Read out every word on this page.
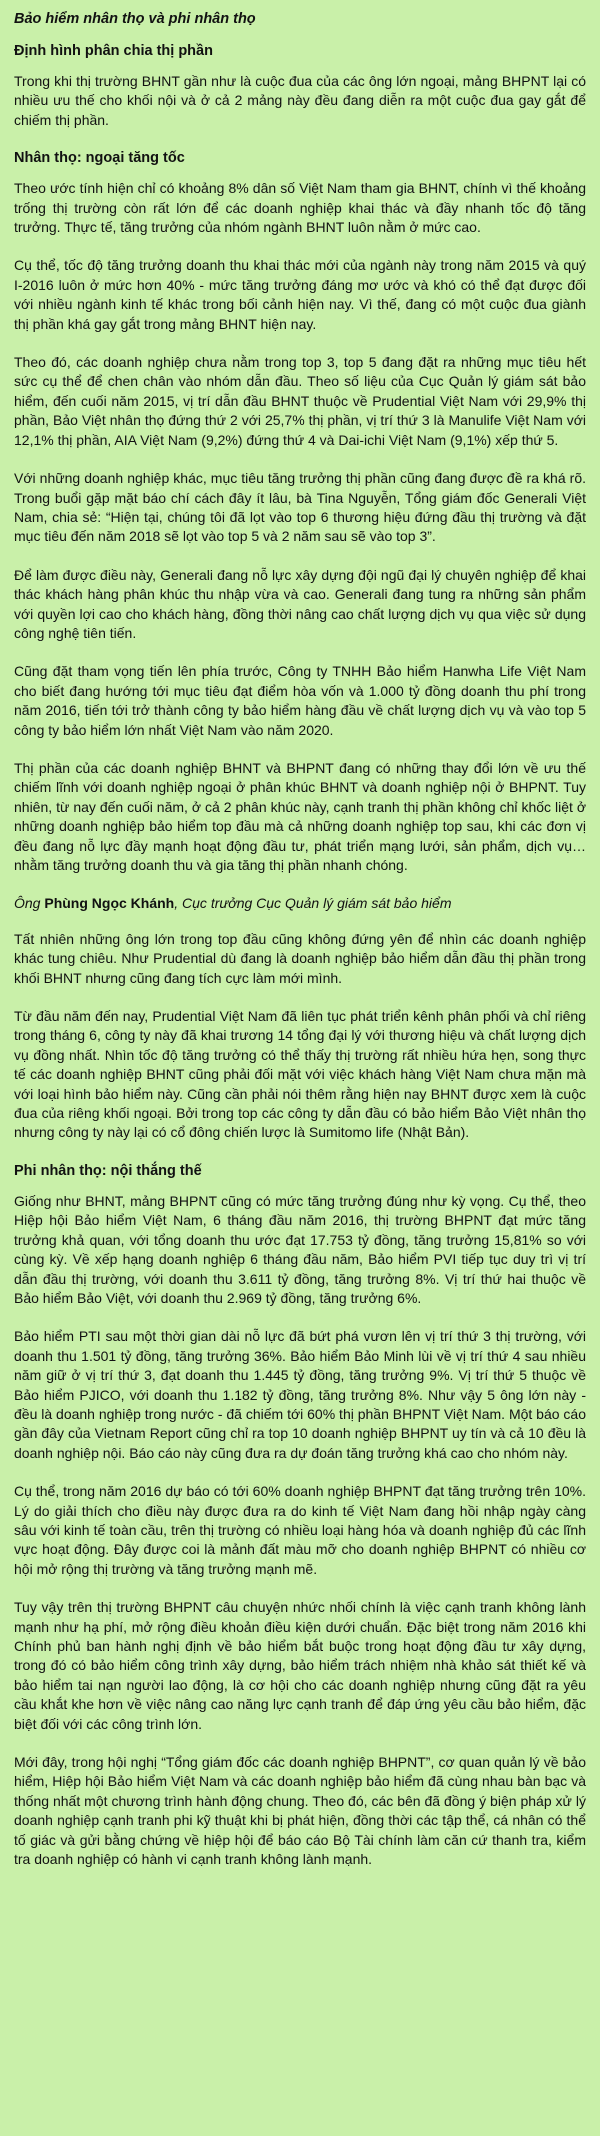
Bảo hiểm nhân thọ và phi nhân thọ
Định hình phân chia thị phần

Trong khi thị trường BHNT gần như là cuộc đua của các ông lớn ngoại, mảng BHPNT lại có nhiều ưu thế cho khối nội và ở cả 2 mảng này đều đang diễn ra một cuộc đua gay gắt để chiếm thị phần.

Nhân thọ: ngoại tăng tốc

Theo ước tính hiện chỉ có khoảng 8% dân số Việt Nam tham gia BHNT, chính vì thế khoảng trống thị trường còn rất lớn để các doanh nghiệp khai thác và đầy nhanh tốc độ tăng trưởng. Thực tế, tăng trưởng của nhóm ngành BHNT luôn nằm ở mức cao.

Cụ thể, tốc độ tăng trưởng doanh thu khai thác mới của ngành này trong năm 2015 và quý I-2016 luôn ở mức hơn 40% - mức tăng trưởng đáng mơ ước và khó có thể đạt được đối với nhiều ngành kinh tế khác trong bối cảnh hiện nay. Vì thế, đang có một cuộc đua giành thị phần khá gay gắt trong mảng BHNT hiện nay.

Theo đó, các doanh nghiệp chưa nằm trong top 3, top 5 đang đặt ra những mục tiêu hết sức cụ thể để chen chân vào nhóm dẫn đầu. Theo số liệu của Cục Quản lý giám sát bảo hiểm, đến cuối năm 2015, vị trí dẫn đầu BHNT thuộc về Prudential Việt Nam với 29,9% thị phần, Bảo Việt nhân thọ đứng thứ 2 với 25,7% thị phần, vị trí thứ 3 là Manulife Việt Nam với 12,1% thị phần, AIA Việt Nam (9,2%) đứng thứ 4 và Dai-ichi Việt Nam (9,1%) xếp thứ 5.

Với những doanh nghiệp khác, mục tiêu tăng trưởng thị phần cũng đang được đề ra khá rõ. Trong buổi gặp mặt báo chí cách đây ít lâu, bà Tina Nguyễn, Tổng giám đốc Generali Việt Nam, chia sẻ: “Hiện tại, chúng tôi đã lọt vào top 6 thương hiệu đứng đầu thị trường và đặt mục tiêu đến năm 2018 sẽ lọt vào top 5 và 2 năm sau sẽ vào top 3”.

Để làm được điều này, Generali đang nỗ lực xây dựng đội ngũ đại lý chuyên nghiệp để khai thác khách hàng phân khúc thu nhập vừa và cao. Generali đang tung ra những sản phẩm với quyền lợi cao cho khách hàng, đồng thời nâng cao chất lượng dịch vụ qua việc sử dụng công nghệ tiên tiến.

Cũng đặt tham vọng tiến lên phía trước, Công ty TNHH Bảo hiểm Hanwha Life Việt Nam cho biết đang hướng tới mục tiêu đạt điểm hòa vốn và 1.000 tỷ đồng doanh thu phí trong năm 2016, tiến tới trở thành công ty bảo hiểm hàng đầu về chất lượng dịch vụ và vào top 5 công ty bảo hiểm lớn nhất Việt Nam vào năm 2020.

Thị phần của các doanh nghiệp BHNT và BHPNT đang có những thay đổi lớn về ưu thế chiếm lĩnh với doanh nghiệp ngoại ở phân khúc BHNT và doanh nghiệp nội ở BHPNT. Tuy nhiên, từ nay đến cuối năm, ở cả 2 phân khúc này, cạnh tranh thị phần không chỉ khốc liệt ở những doanh nghiệp bảo hiểm top đầu mà cả những doanh nghiệp top sau, khi các đơn vị đều đang nỗ lực đầy mạnh hoạt động đầu tư, phát triển mạng lưới, sản phẩm, dịch vụ… nhằm tăng trưởng doanh thu và gia tăng thị phần nhanh chóng.

Ông Phùng Ngọc Khánh, Cục trưởng Cục Quản lý giám sát bảo hiểm

Tất nhiên những ông lớn trong top đầu cũng không đứng yên để nhìn các doanh nghiệp khác tung chiêu. Như Prudential dù đang là doanh nghiệp bảo hiểm dẫn đầu thị phần trong khối BHNT nhưng cũng đang tích cực làm mới mình.

Từ đầu năm đến nay, Prudential Việt Nam đã liên tục phát triển kênh phân phối và chỉ riêng trong tháng 6, công ty này đã khai trương 14 tổng đại lý với thương hiệu và chất lượng dịch vụ đồng nhất. Nhìn tốc độ tăng trưởng có thể thấy thị trường rất nhiều hứa hẹn, song thực tế các doanh nghiệp BHNT cũng phải đối mặt với việc khách hàng Việt Nam chưa mặn mà với loại hình bảo hiểm này. Cũng cần phải nói thêm rằng hiện nay BHNT được xem là cuộc đua của riêng khối ngoại. Bởi trong top các công ty dẫn đầu có bảo hiểm Bảo Việt nhân thọ nhưng công ty này lại có cổ đông chiến lược là Sumitomo life (Nhật Bản).

Phi nhân thọ: nội thắng thế

Giống như BHNT, mảng BHPNT cũng có mức tăng trưởng đúng như kỳ vọng. Cụ thể, theo Hiệp hội Bảo hiểm Việt Nam, 6 tháng đầu năm 2016, thị trường BHPNT đạt mức tăng trưởng khả quan, với tổng doanh thu ước đạt 17.753 tỷ đồng, tăng trưởng 15,81% so với cùng kỳ. Về xếp hạng doanh nghiệp 6 tháng đầu năm, Bảo hiểm PVI tiếp tục duy trì vị trí dẫn đầu thị trường, với doanh thu 3.611 tỷ đồng, tăng trưởng 8%. Vị trí thứ hai thuộc về Bảo hiểm Bảo Việt, với doanh thu 2.969 tỷ đồng, tăng trưởng 6%.

Bảo hiểm PTI sau một thời gian dài nỗ lực đã bứt phá vươn lên vị trí thứ 3 thị trường, với doanh thu 1.501 tỷ đồng, tăng trưởng 36%. Bảo hiểm Bảo Minh lùi về vị trí thứ 4 sau nhiều năm giữ ở vị trí thứ 3, đạt doanh thu 1.445 tỷ đồng, tăng trưởng 9%. Vị trí thứ 5 thuộc về Bảo hiểm PJICO, với doanh thu 1.182 tỷ đồng, tăng trưởng 8%. Như vậy 5 ông lớn này - đều là doanh nghiệp trong nước - đã chiếm tới 60% thị phần BHPNT Việt Nam. Một báo cáo gần đây của Vietnam Report cũng chỉ ra top 10 doanh nghiệp BHPNT uy tín và cả 10 đều là doanh nghiệp nội. Báo cáo này cũng đưa ra dự đoán tăng trưởng khá cao cho nhóm này.

Cụ thể, trong năm 2016 dự báo có tới 60% doanh nghiệp BHPNT đạt tăng trưởng trên 10%. Lý do giải thích cho điều này được đưa ra do kinh tế Việt Nam đang hồi nhập ngày càng sâu với kinh tế toàn cầu, trên thị trường có nhiều loại hàng hóa và doanh nghiệp đủ các lĩnh vực hoạt động. Đây được coi là mảnh đất màu mỡ cho doanh nghiệp BHPNT có nhiều cơ hội mở rộng thị trường và tăng trưởng mạnh mẽ.

Tuy vậy trên thị trường BHPNT câu chuyện nhức nhối chính là việc cạnh tranh không lành mạnh như hạ phí, mở rộng điều khoản điều kiện dưới chuẩn. Đặc biệt trong năm 2016 khi Chính phủ ban hành nghị định về bảo hiểm bắt buộc trong hoạt động đầu tư xây dựng, trong đó có bảo hiểm công trình xây dựng, bảo hiểm trách nhiệm nhà khảo sát thiết kế và bảo hiểm tai nạn người lao động, là cơ hội cho các doanh nghiệp nhưng cũng đặt ra yêu cầu khắt khe hơn về việc nâng cao năng lực cạnh tranh để đáp ứng yêu cầu bảo hiểm, đặc biệt đối với các công trình lớn.

Mới đây, trong hội nghị “Tổng giám đốc các doanh nghiệp BHPNT”, cơ quan quản lý về bảo hiểm, Hiệp hội Bảo hiểm Việt Nam và các doanh nghiệp bảo hiểm đã cùng nhau bàn bạc và thống nhất một chương trình hành động chung. Theo đó, các bên đã đồng ý biện pháp xử lý doanh nghiệp cạnh tranh phi kỹ thuật khi bị phát hiện, đồng thời các tập thể, cá nhân có thể tố giác và gửi bằng chứng về hiệp hội để báo cáo Bộ Tài chính làm căn cứ thanh tra, kiểm tra doanh nghiệp có hành vi cạnh tranh không lành mạnh.
